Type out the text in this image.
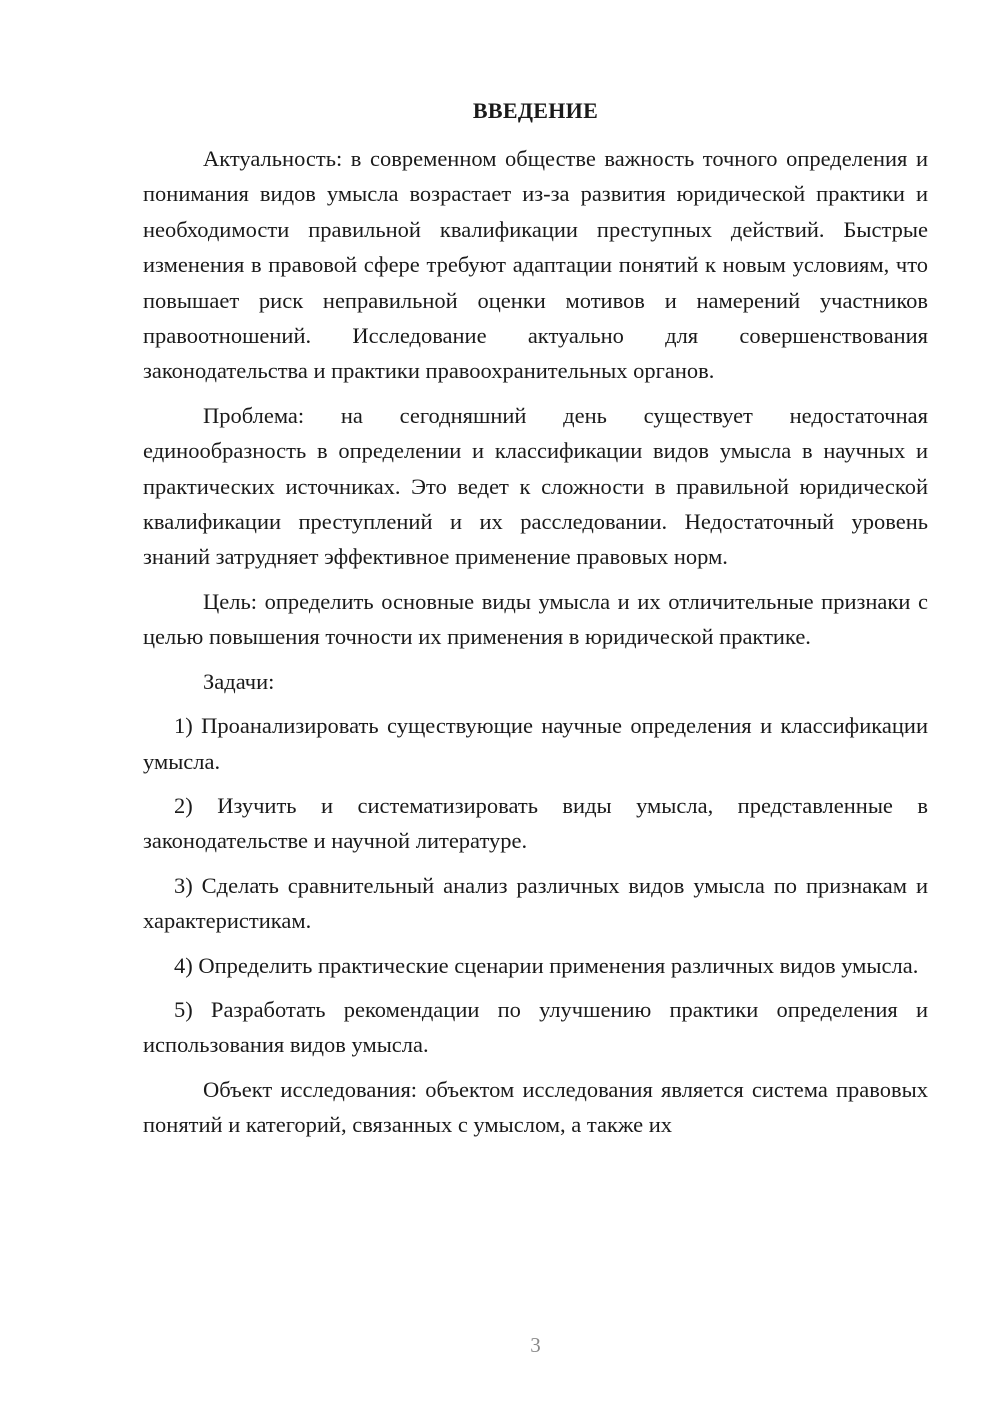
ВВЕДЕНИЕ

Актуальность: в современном обществе важность точного определения и понимания видов умысла возрастает из-за развития юридической практики и необходимости правильной квалификации преступных действий. Быстрые изменения в правовой сфере требуют адаптации понятий к новым условиям, что повышает риск неправильной оценки мотивов и намерений участников правоотношений. Исследование актуально для совершенствования законодательства и практики правоохранительных органов.

Проблема: на сегодняшний день существует недостаточная единообразность в определении и классификации видов умысла в научных и практических источниках. Это ведет к сложности в правильной юридической квалификации преступлений и их расследовании. Недостаточный уровень знаний затрудняет эффективное применение правовых норм.

Цель: определить основные виды умысла и их отличительные признаки с целью повышения точности их применения в юридической практике.

Задачи:

1) Проанализировать существующие научные определения и классификации умысла.

2) Изучить и систематизировать виды умысла, представленные в законодательстве и научной литературе.

3) Сделать сравнительный анализ различных видов умысла по признакам и характеристикам.

4) Определить практические сценарии применения различных видов умысла.

5) Разработать рекомендации по улучшению практики определения и использования видов умысла.

Объект исследования: объектом исследования является система правовых понятий и категорий, связанных с умыслом, а также их

3
